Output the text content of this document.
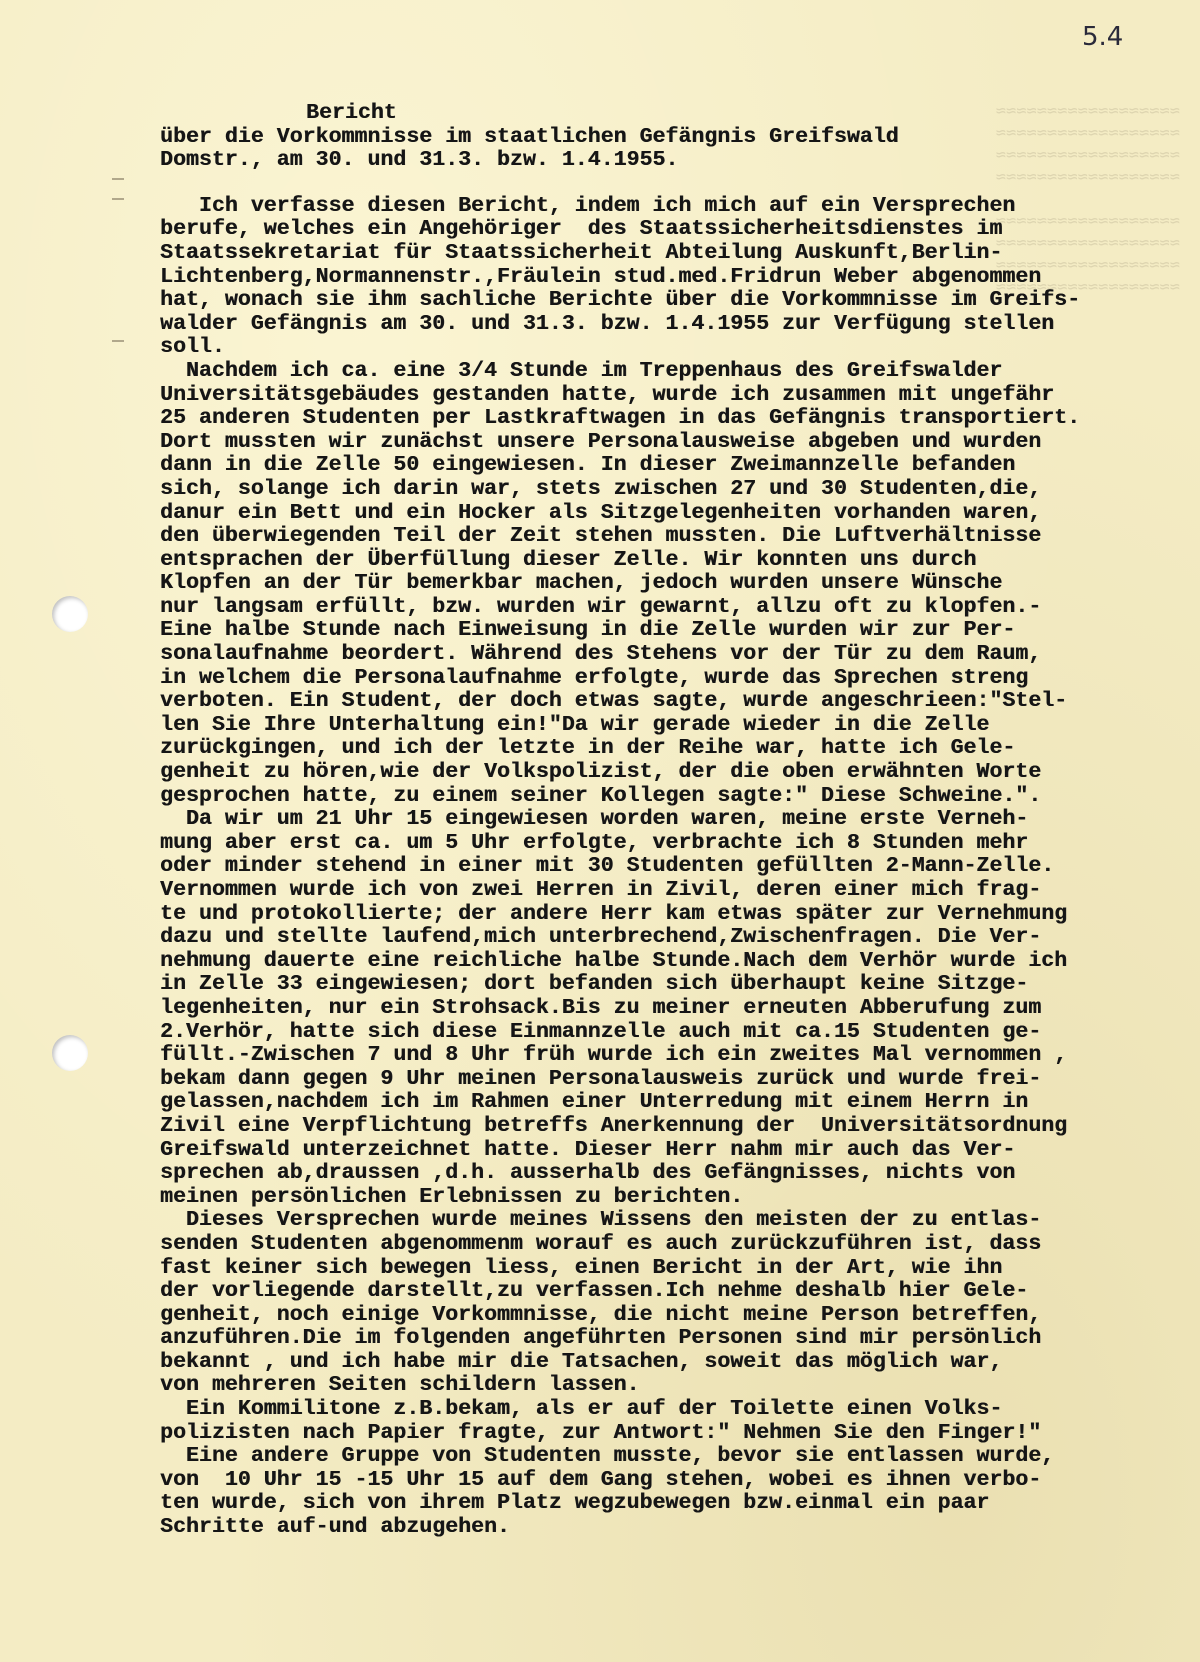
≈≈≈≈≈≈≈≈≈≈≈≈≈≈≈≈≈≈
≈≈≈≈≈≈≈≈≈≈≈≈≈≈≈≈≈≈
≈≈≈≈≈≈≈≈≈≈≈≈≈≈≈≈≈≈
≈≈≈≈≈≈≈≈≈≈≈≈≈≈≈≈≈≈

≈≈≈≈≈≈≈≈≈≈≈≈≈≈≈≈≈≈
≈≈≈≈≈≈≈≈≈≈≈≈≈≈≈≈≈≈
≈≈≈≈≈≈≈≈≈≈≈≈≈≈≈≈≈≈
≈≈≈≈≈≈≈≈≈≈≈≈≈≈≈≈≈≈
5.4
Bericht
über die Vorkommnisse im staatlichen Gefängnis Greifswald
Domstr., am 30. und 31.3. bzw. 1.4.1955.
Ich verfasse diesen Bericht, indem ich mich auf ein Versprechen
berufe, welches ein Angehöriger  des Staatssicherheitsdienstes im
Staatssekretariat für Staatssicherheit Abteilung Auskunft,Berlin-
Lichtenberg,Normannenstr.,Fräulein stud.med.Fridrun Weber abgenommen
hat, wonach sie ihm sachliche Berichte über die Vorkommnisse im Greifs-
walder Gefängnis am 30. und 31.3. bzw. 1.4.1955 zur Verfügung stellen
soll.
Nachdem ich ca. eine 3/4 Stunde im Treppenhaus des Greifswalder
Universitätsgebäudes gestanden hatte, wurde ich zusammen mit ungefähr
25 anderen Studenten per Lastkraftwagen in das Gefängnis transportiert.
Dort mussten wir zunächst unsere Personalausweise abgeben und wurden
dann in die Zelle 50 eingewiesen. In dieser Zweimannzelle befanden
sich, solange ich darin war, stets zwischen 27 und 30 Studenten,die,
danur ein Bett und ein Hocker als Sitzgelegenheiten vorhanden waren,
den überwiegenden Teil der Zeit stehen mussten. Die Luftverhältnisse
entsprachen der Überfüllung dieser Zelle. Wir konnten uns durch
Klopfen an der Tür bemerkbar machen, jedoch wurden unsere Wünsche
nur langsam erfüllt, bzw. wurden wir gewarnt, allzu oft zu klopfen.-
Eine halbe Stunde nach Einweisung in die Zelle wurden wir zur Per-
sonalaufnahme beordert. Während des Stehens vor der Tür zu dem Raum,
in welchem die Personalaufnahme erfolgte, wurde das Sprechen streng
verboten. Ein Student, der doch etwas sagte, wurde angeschrieen:"Stel-
len Sie Ihre Unterhaltung ein!"Da wir gerade wieder in die Zelle
zurückgingen, und ich der letzte in der Reihe war, hatte ich Gele-
genheit zu hören,wie der Volkspolizist, der die oben erwähnten Worte
gesprochen hatte, zu einem seiner Kollegen sagte:" Diese Schweine.".
Da wir um 21 Uhr 15 eingewiesen worden waren, meine erste Verneh-
mung aber erst ca. um 5 Uhr erfolgte, verbrachte ich 8 Stunden mehr
oder minder stehend in einer mit 30 Studenten gefüllten 2-Mann-Zelle.
Vernommen wurde ich von zwei Herren in Zivil, deren einer mich frag-
te und protokollierte; der andere Herr kam etwas später zur Vernehmung
dazu und stellte laufend,mich unterbrechend,Zwischenfragen. Die Ver-
nehmung dauerte eine reichliche halbe Stunde.Nach dem Verhör wurde ich
in Zelle 33 eingewiesen; dort befanden sich überhaupt keine Sitzge-
legenheiten, nur ein Strohsack.Bis zu meiner erneuten Abberufung zum
2.Verhör, hatte sich diese Einmannzelle auch mit ca.15 Studenten ge-
füllt.-Zwischen 7 und 8 Uhr früh wurde ich ein zweites Mal vernommen ,
bekam dann gegen 9 Uhr meinen Personalausweis zurück und wurde frei-
gelassen,nachdem ich im Rahmen einer Unterredung mit einem Herrn in
Zivil eine Verpflichtung betreffs Anerkennung der  Universitätsordnung
Greifswald unterzeichnet hatte. Dieser Herr nahm mir auch das Ver-
sprechen ab,draussen ,d.h. ausserhalb des Gefängnisses, nichts von
meinen persönlichen Erlebnissen zu berichten.
Dieses Versprechen wurde meines Wissens den meisten der zu entlas-
senden Studenten abgenommenm worauf es auch zurückzuführen ist, dass
fast keiner sich bewegen liess, einen Bericht in der Art, wie ihn
der vorliegende darstellt,zu verfassen.Ich nehme deshalb hier Gele-
genheit, noch einige Vorkommnisse, die nicht meine Person betreffen,
anzuführen.Die im folgenden angeführten Personen sind mir persönlich
bekannt , und ich habe mir die Tatsachen, soweit das möglich war,
von mehreren Seiten schildern lassen.
Ein Kommilitone z.B.bekam, als er auf der Toilette einen Volks-
polizisten nach Papier fragte, zur Antwort:" Nehmen Sie den Finger!"
Eine andere Gruppe von Studenten musste, bevor sie entlassen wurde,
von  10 Uhr 15 -15 Uhr 15 auf dem Gang stehen, wobei es ihnen verbo-
ten wurde, sich von ihrem Platz wegzubewegen bzw.einmal ein paar
Schritte auf-und abzugehen.
